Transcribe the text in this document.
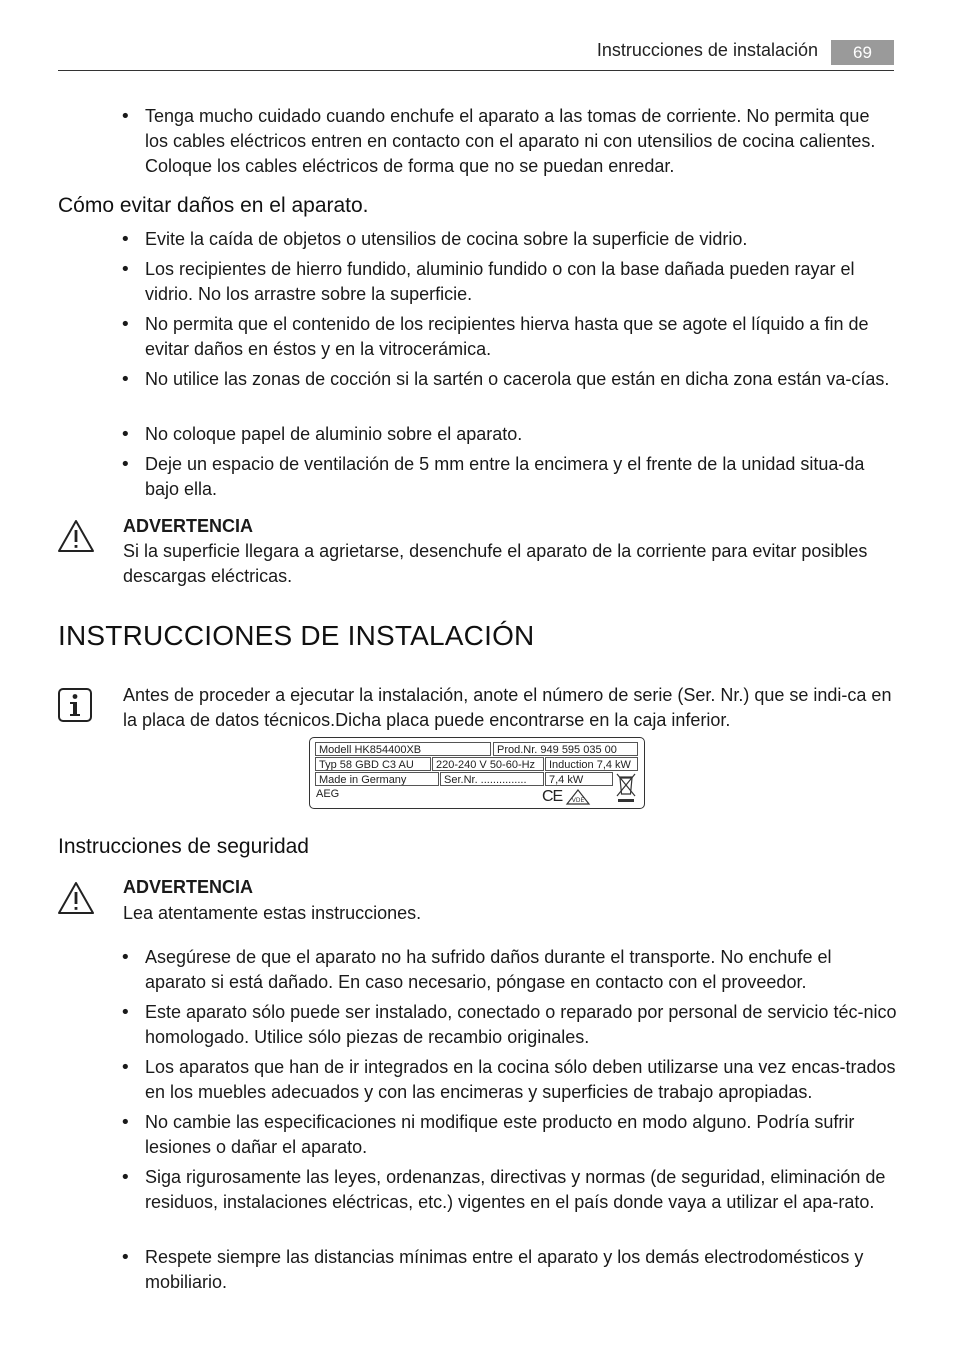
Instrucciones de instalación	69
• Tenga mucho cuidado cuando enchufe el aparato a las tomas de corriente. No permita que los cables eléctricos entren en contacto con el aparato ni con utensilios de cocina calientes. Coloque los cables eléctricos de forma que no se puedan enredar.
Cómo evitar daños en el aparato.
• Evite la caída de objetos o utensilios de cocina sobre la superficie de vidrio.
• Los recipientes de hierro fundido, aluminio fundido o con la base dañada pueden rayar el vidrio. No los arrastre sobre la superficie.
• No permita que el contenido de los recipientes hierva hasta que se agote el líquido a fin de evitar daños en éstos y en la vitrocerámica.
• No utilice las zonas de cocción si la sartén o cacerola que están en dicha zona están va-cías.
• No coloque papel de aluminio sobre el aparato.
• Deje un espacio de ventilación de 5 mm entre la encimera y el frente de la unidad situa-da bajo ella.
ADVERTENCIA
Si la superficie llegara a agrietarse, desenchufe el aparato de la corriente para evitar posibles descargas eléctricas.
INSTRUCCIONES DE INSTALACIÓN
Antes de proceder a ejecutar la instalación, anote el número de serie (Ser. Nr.) que se indi-ca en la placa de datos técnicos.Dicha placa puede encontrarse en la caja inferior.
Modell HK854400XB	Prod.Nr. 949 595 035 00
Typ 58 GBD C3 AU	220-240 V 50-60-Hz	Induction 7,4 kW
Made in Germany	Ser.Nr. ...............	7,4 kW
AEG	CE VDE
Instrucciones de seguridad
ADVERTENCIA
Lea atentamente estas instrucciones.
• Asegúrese de que el aparato no ha sufrido daños durante el transporte. No enchufe el aparato si está dañado. En caso necesario, póngase en contacto con el proveedor.
• Este aparato sólo puede ser instalado, conectado o reparado por personal de servicio téc-nico homologado. Utilice sólo piezas de recambio originales.
• Los aparatos que han de ir integrados en la cocina sólo deben utilizarse una vez encas-trados en los muebles adecuados y con las encimeras y superficies de trabajo apropiadas.
• No cambie las especificaciones ni modifique este producto en modo alguno. Podría sufrir lesiones o dañar el aparato.
• Siga rigurosamente las leyes, ordenanzas, directivas y normas (de seguridad, eliminación de residuos, instalaciones eléctricas, etc.) vigentes en el país donde vaya a utilizar el apa-rato.
• Respete siempre las distancias mínimas entre el aparato y los demás electrodomésticos y mobiliario.
